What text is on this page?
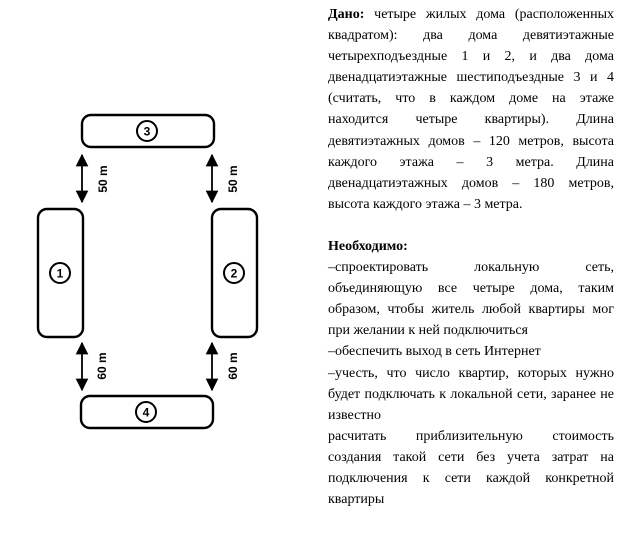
3
1	2
4
50 m	50 m
60 m	60 m

Дано: четыре жилых дома (расположенных квадратом): два дома девятиэтажные четырехподъездные 1 и 2, и два дома двенадцатиэтажные шестиподъездные 3 и 4 (считать, что в каждом доме на этаже находится четыре квартиры). Длина девятиэтажных домов – 120 метров, высота каждого этажа – 3 метра. Длина двенадцатиэтажных домов – 180 метров, высота каждого этажа – 3 метра.

Необходимо:

–спроектировать локальную сеть, объединяющую все четыре дома, таким образом, чтобы житель любой квартиры мог при желании к ней подключиться

–обеспечить выход в сеть Интернет

–учесть, что число квартир, которых нужно будет подключать к локальной сети, заранее не известно

расчитать приблизительную стоимость создания такой сети без учета затрат на подключения к сети каждой конкретной квартиры
